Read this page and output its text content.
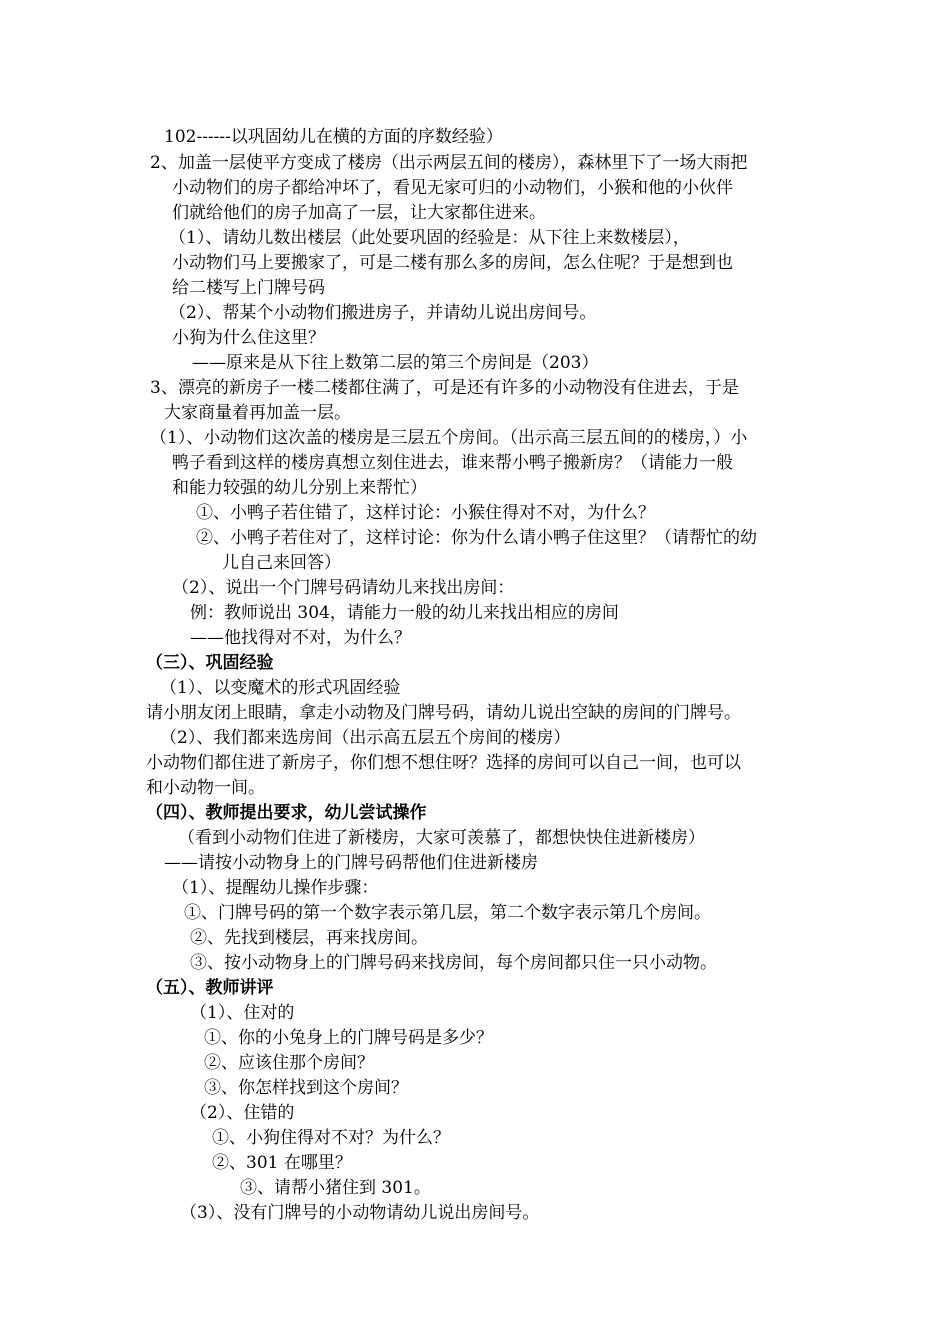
102------以巩固幼儿在横的方面的序数经验）
2、加盖一层使平方变成了楼房（出示两层五间的楼房），森林里下了一场大雨把
小动物们的房子都给冲坏了，看见无家可归的小动物们，小猴和他的小伙伴
们就给他们的房子加高了一层，让大家都住进来。
（1）、请幼儿数出楼层（此处要巩固的经验是：从下往上来数楼层），
小动物们马上要搬家了，可是二楼有那么多的房间，怎么住呢？于是想到也
给二楼写上门牌号码
（2）、帮某个小动物们搬进房子，并请幼儿说出房间号。
小狗为什么住这里？
——原来是从下往上数第二层的第三个房间是（203）
3、漂亮的新房子一楼二楼都住满了，可是还有许多的小动物没有住进去，于是
大家商量着再加盖一层。
（1）、小动物们这次盖的楼房是三层五个房间。（出示高三层五间的的楼房，）小
鸭子看到这样的楼房真想立刻住进去，谁来帮小鸭子搬新房？（请能力一般
和能力较强的幼儿分别上来帮忙）
①、小鸭子若住错了，这样讨论：小猴住得对不对，为什么？
②、小鸭子若住对了，这样讨论：你为什么请小鸭子住这里？（请帮忙的幼
儿自己来回答）
（2）、说出一个门牌号码请幼儿来找出房间：
例：教师说出 304，请能力一般的幼儿来找出相应的房间
——他找得对不对，为什么？
（三）、巩固经验
（1）、以变魔术的形式巩固经验
请小朋友闭上眼睛，拿走小动物及门牌号码，请幼儿说出空缺的房间的门牌号。
（2）、我们都来选房间（出示高五层五个房间的楼房）
小动物们都住进了新房子，你们想不想住呀？选择的房间可以自己一间，也可以
和小动物一间。
（四）、教师提出要求，幼儿尝试操作
（看到小动物们住进了新楼房，大家可羡慕了，都想快快住进新楼房）
——请按小动物身上的门牌号码帮他们住进新楼房
（1）、提醒幼儿操作步骤：
①、门牌号码的第一个数字表示第几层，第二个数字表示第几个房间。
②、先找到楼层，再来找房间。
③、按小动物身上的门牌号码来找房间，每个房间都只住一只小动物。
（五）、教师讲评
（1）、住对的
①、你的小兔身上的门牌号码是多少？
②、应该住那个房间？
③、你怎样找到这个房间？
（2）、住错的
①、小狗住得对不对？为什么？
②、301 在哪里？
③、请帮小猪住到 301。
（3）、没有门牌号的小动物请幼儿说出房间号。
